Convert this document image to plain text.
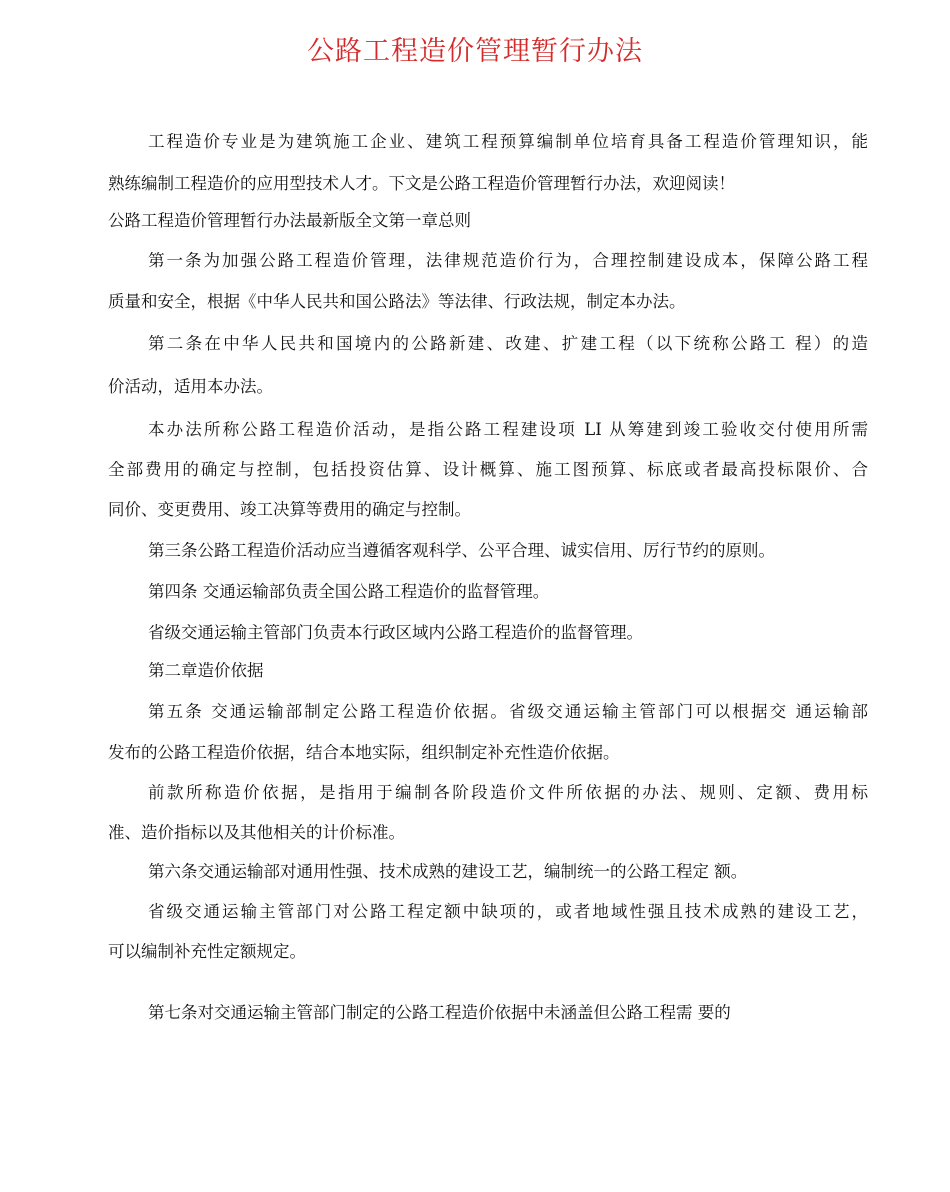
公路工程造价管理暂行办法
工程造价专业是为建筑施工企业、建筑工程预算编制单位培育具备工程造价管理知识，能
熟练编制工程造价的应用型技术人才。下文是公路工程造价管理暂行办法，欢迎阅读！
公路工程造价管理暂行办法最新版全文第一章总则
第一条为加强公路工程造价管理，法律规范造价行为，合理控制建设成本，保障公路工程
质量和安全，根据《中华人民共和国公路法》等法律、行政法规，制定本办法。
第二条在中华人民共和国境内的公路新建、改建、扩建工程（以下统称公路工 程）的造
价活动，适用本办法。
本办法所称公路工程造价活动，是指公路工程建设项 LI 从筹建到竣工验收交付使用所需
全部费用的确定与控制，包括投资估算、设计概算、施工图预算、标底或者最高投标限价、合
同价、变更费用、竣工决算等费用的确定与控制。
第三条公路工程造价活动应当遵循客观科学、公平合理、诚实信用、厉行节约的原则。
第四条 交通运输部负责全国公路工程造价的监督管理。
省级交通运输主管部门负责本行政区域内公路工程造价的监督管理。
第二章造价依据
第五条 交通运输部制定公路工程造价依据。省级交通运输主管部门可以根据交 通运输部
发布的公路工程造价依据，结合本地实际，组织制定补充性造价依据。
前款所称造价依据，是指用于编制各阶段造价文件所依据的办法、规则、定额、费用标
准、造价指标以及其他相关的计价标准。
第六条交通运输部对通用性强、技术成熟的建设工艺，编制统一的公路工程定 额。
省级交通运输主管部门对公路工程定额中缺项的，或者地域性强且技术成熟的建设工艺，
可以编制补充性定额规定。
第七条对交通运输主管部门制定的公路工程造价依据中未涵盖但公路工程需 要的
